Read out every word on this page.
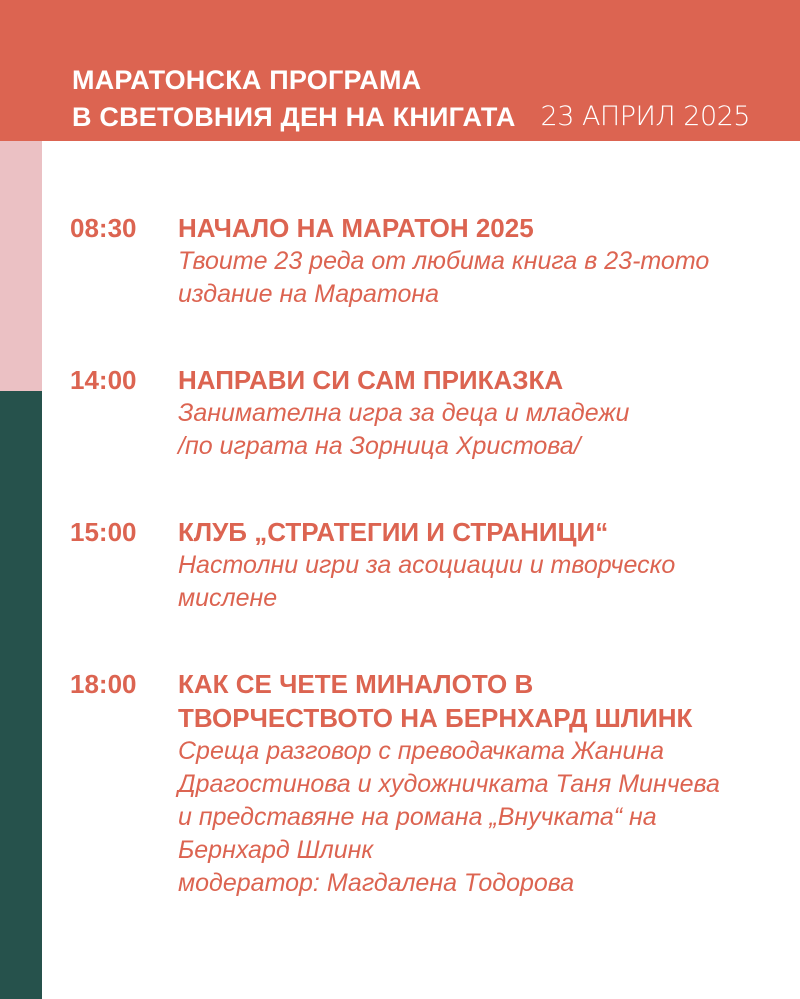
МАРАТОНСКА ПРОГРАМА
В СВЕТОВНИЯ ДЕН НА КНИГАТА 23 АПРИЛ 2025
08:30 НАЧАЛО НА МАРАТОН 2025
Твоите 23 реда от любима книга в 23-тото
издание на Маратона
14:00 НАПРАВИ СИ САМ ПРИКАЗКА
Занимателна игра за деца и младежи
/по играта на Зорница Христова/
15:00 КЛУБ „СТРАТЕГИИ И СТРАНИЦИ“
Настолни игри за асоциации и творческо
мислене
18:00 КАК СЕ ЧЕТЕ МИНАЛОТО В
ТВОРЧЕСТВОТО НА БЕРНХАРД ШЛИНК
Среща разговор с преводачката Жанина
Драгостинова и художничката Таня Минчева
и представяне на романа „Внучката“ на
Бернхард Шлинк
модератор: Магдалена Тодорова
